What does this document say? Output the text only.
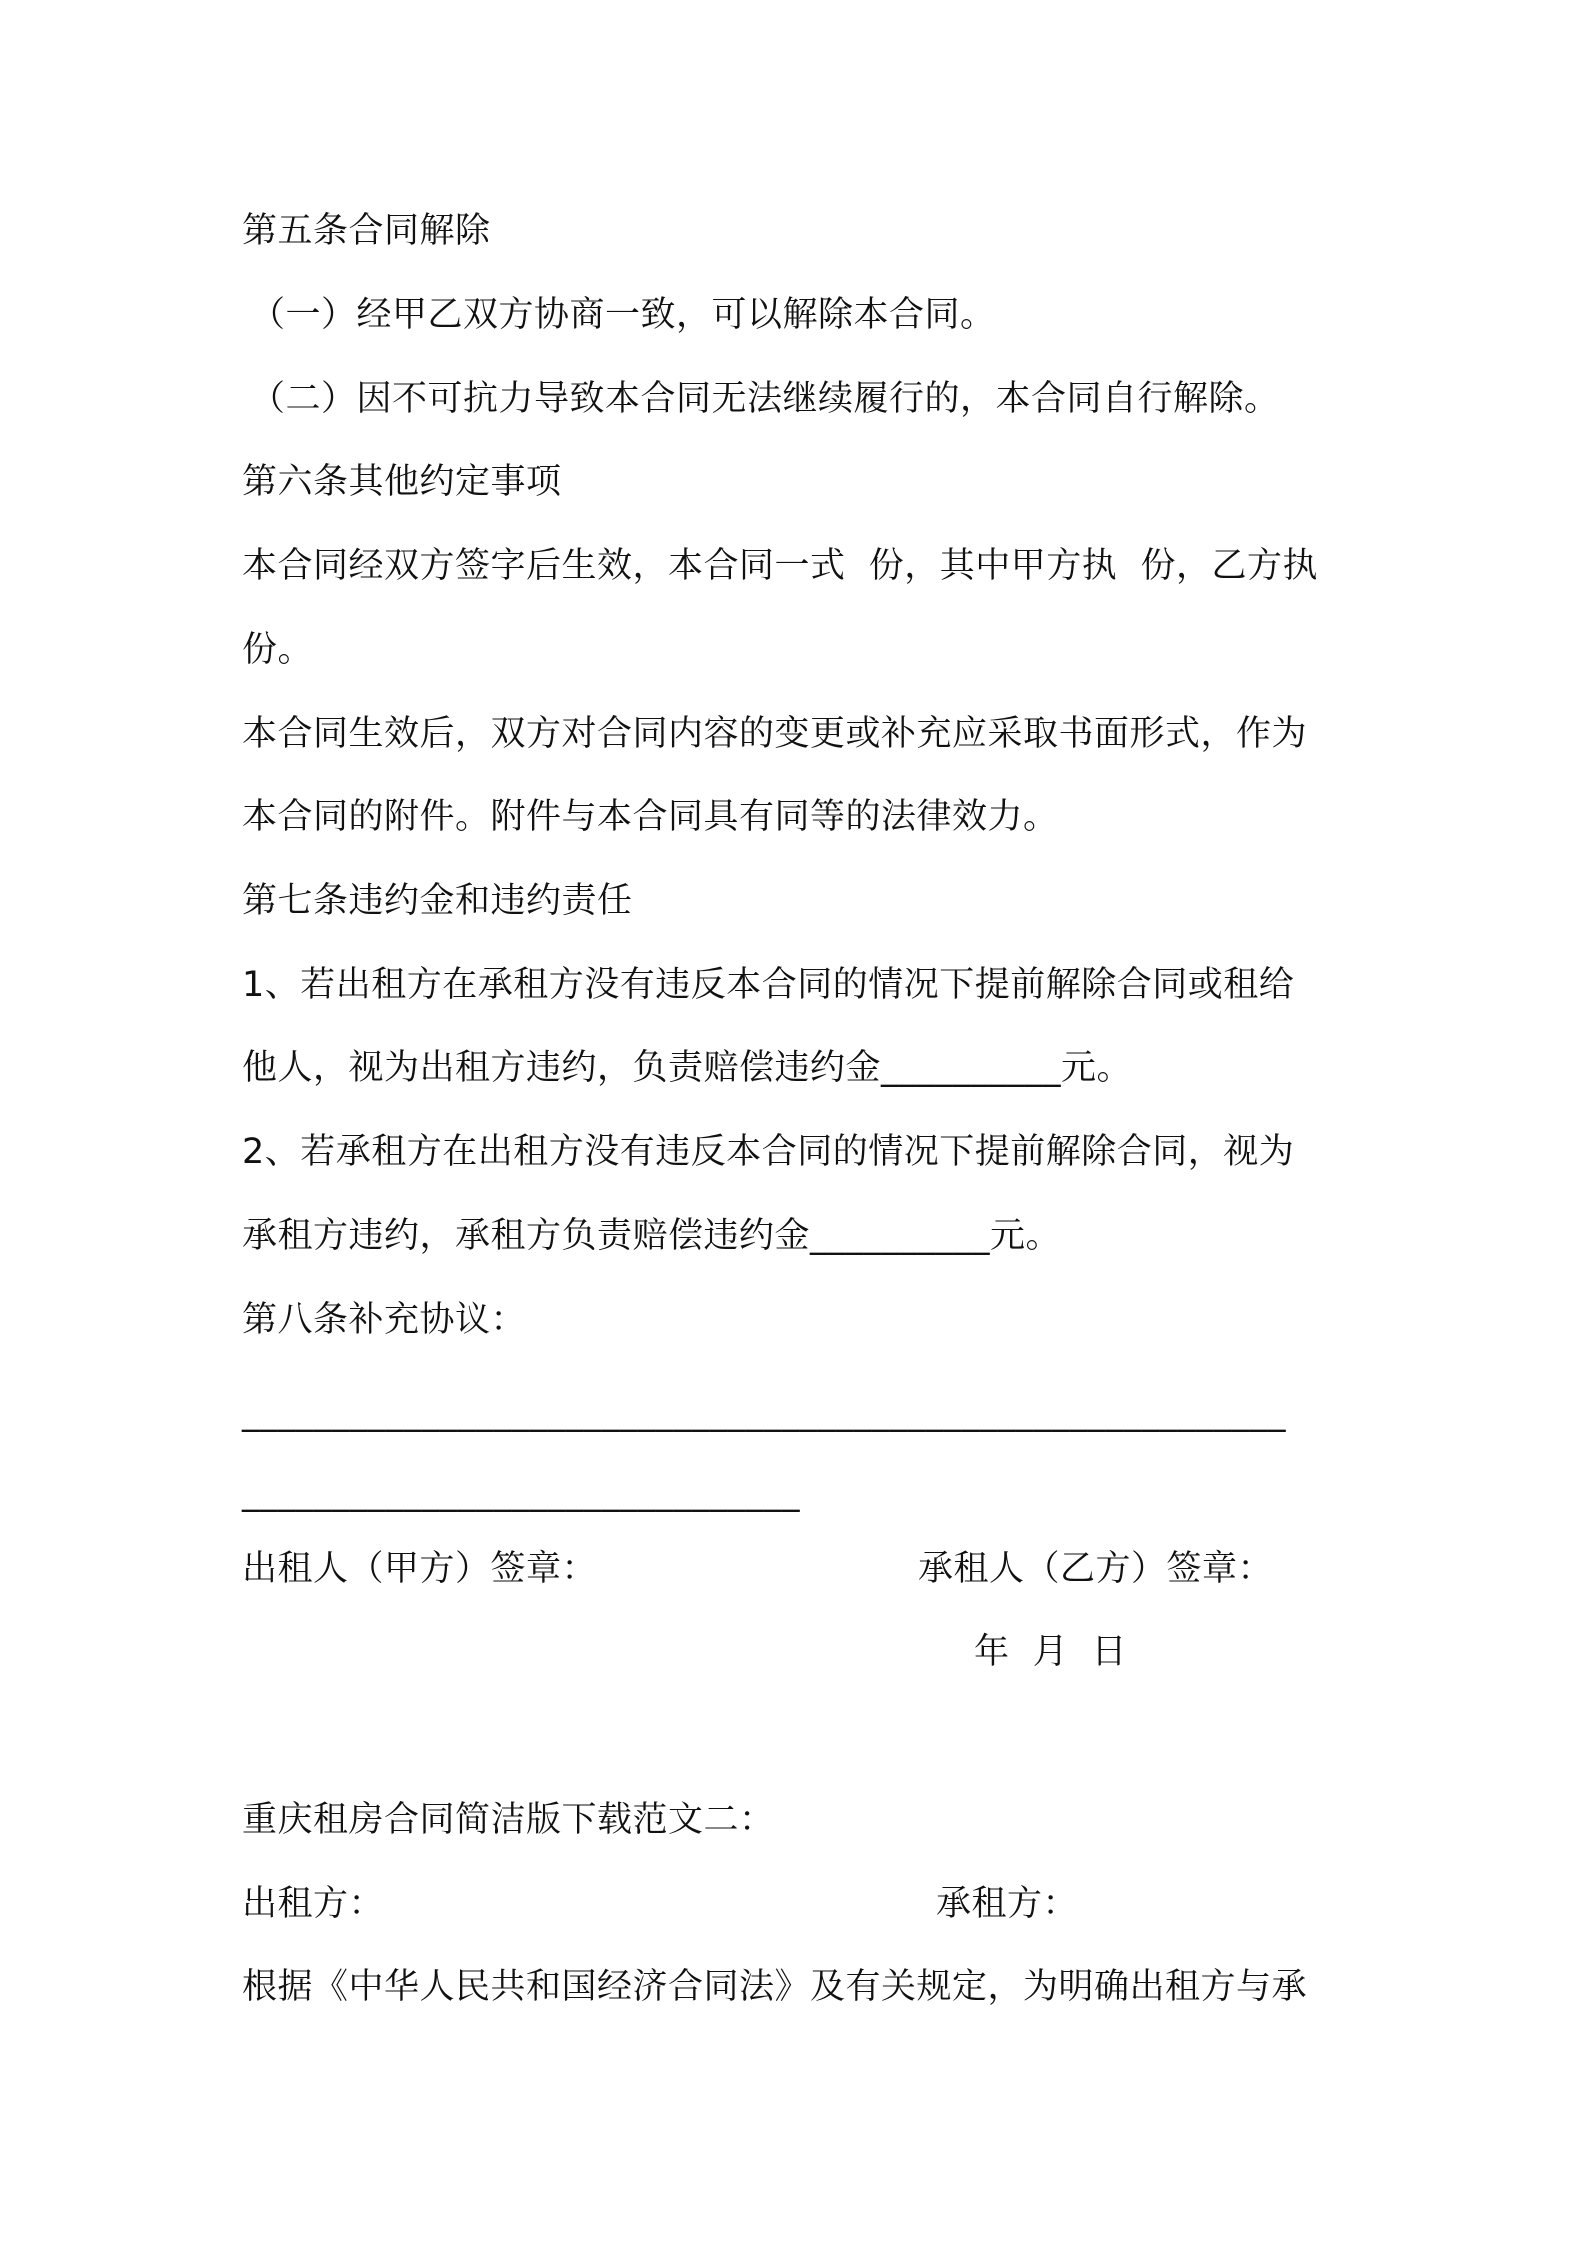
第五条合同解除
（一）经甲乙双方协商一致，可以解除本合同。
（二）因不可抗力导致本合同无法继续履行的，本合同自行解除。
第六条其他约定事项
本合同经双方签字后生效，本合同一式  份，其中甲方执  份，乙方执
份。
本合同生效后，双方对合同内容的变更或补充应采取书面形式，作为
本合同的附件。附件与本合同具有同等的法律效力。
第七条违约金和违约责任
1、若出租方在承租方没有违反本合同的情况下提前解除合同或租给
他人，视为出租方违约，负责赔偿违约金__________元。
2、若承租方在出租方没有违反本合同的情况下提前解除合同，视为
承租方违约，承租方负责赔偿违约金__________元。
第八条补充协议：
__________________________________________________________
_______________________________
出租人（甲方）签章：	承租人（乙方）签章：
年  月  日
重庆租房合同简洁版下载范文二：
出租方：	承租方：
根据《中华人民共和国经济合同法》及有关规定，为明确出租方与承
